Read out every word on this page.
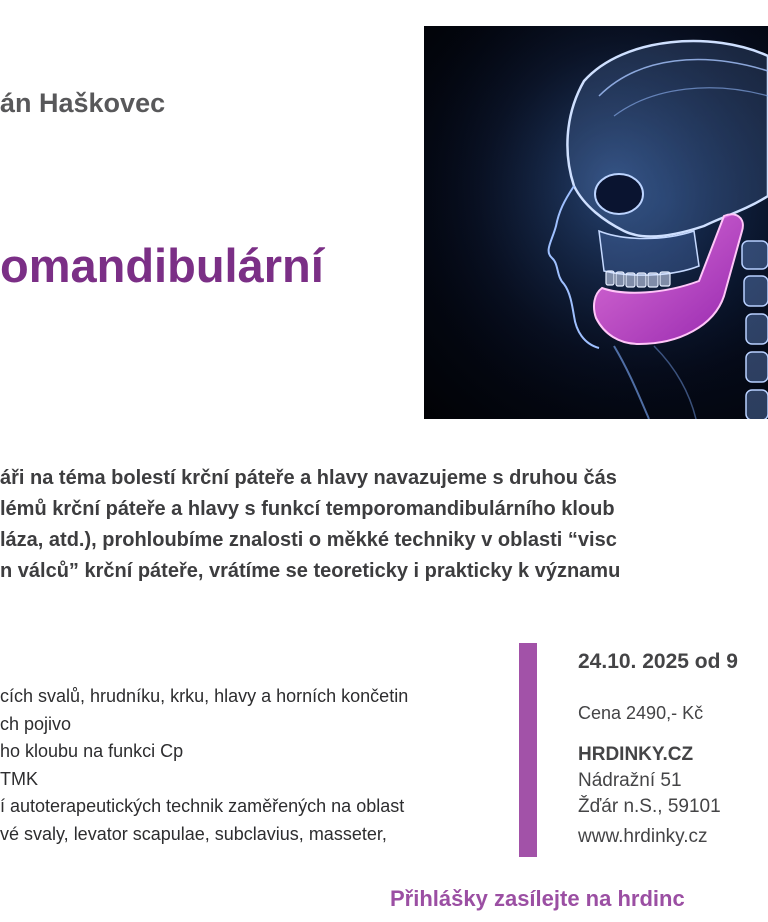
án Haškovec
omandibulární
áři na téma bolestí krční páteře a hlavy navazujeme s druhou čás
lémů krční páteře a hlavy s funkcí temporomandibulárního kloub
láza, atd.), prohloubíme znalosti o měkké techniky v oblasti “visc
n válců” krční páteře, vrátíme se teoreticky i prakticky k významu
cích svalů, hrudníku, krku, hlavy a horních končetin
ch pojivo
ho kloubu na funkci Cp
TMK
í autoterapeutických technik zaměřených na oblast
vé svaly, levator scapulae, subclavius, masseter,
24.10. 2025 od 9
Cena 2490,- Kč
HRDINKY.CZ
Nádražní 51
Žďár n.S., 59101
www.hrdinky.cz
Přihlášky zasílejte na hrdinc
